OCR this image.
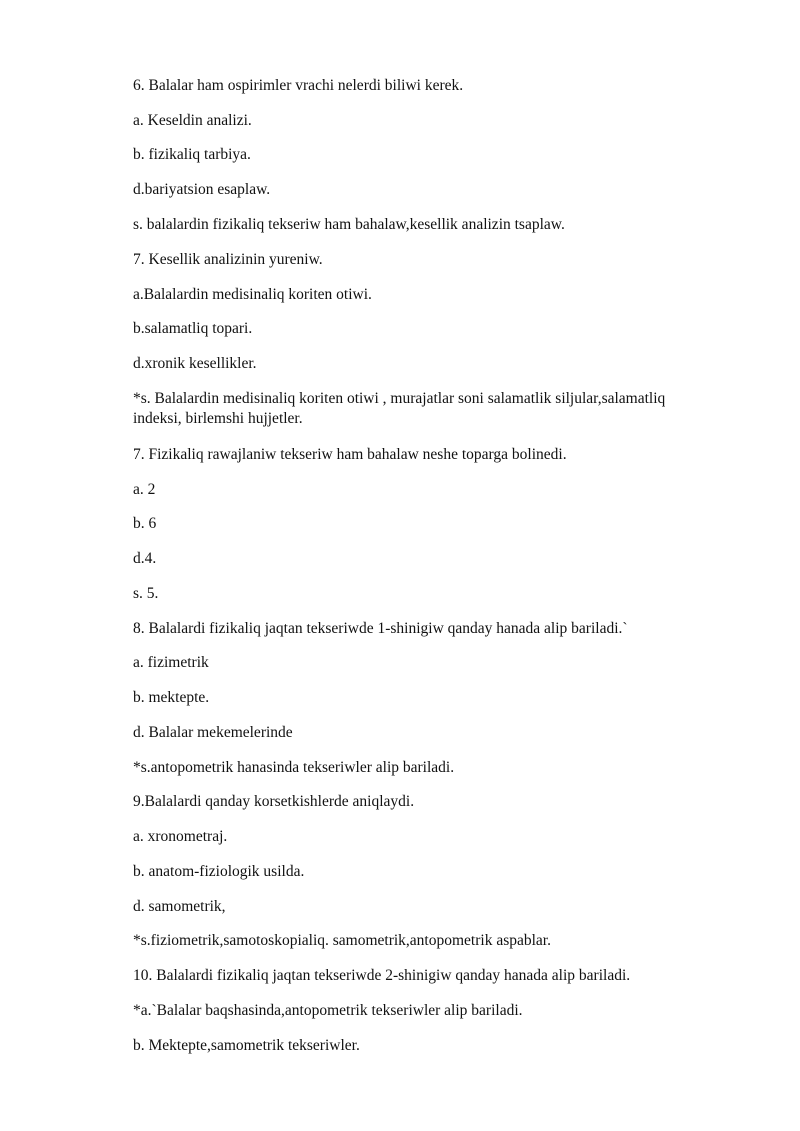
6. Balalar ham ospirimler vrachi nelerdi biliwi kerek.

a. Keseldin analizi.

b. fizikaliq tarbiya.

d.bariyatsion esaplaw.

s. balalardin fizikaliq tekseriw ham bahalaw,kesellik analizin tsaplaw.

7. Kesellik analizinin yureniw.

a.Balalardin medisinaliq koriten otiwi.

b.salamatliq topari.

d.xronik kesellikler.

*s. Balalardin medisinaliq koriten otiwi , murajatlar soni salamatlik siljular,salamatliq indeksi, birlemshi hujjetler.

7. Fizikaliq rawajlaniw tekseriw ham bahalaw neshe toparga bolinedi.

a. 2

b. 6

d.4.

s. 5.

8. Balalardi fizikaliq jaqtan tekseriwde 1-shinigiw qanday hanada alip bariladi.`

a. fizimetrik

b. mektepte.

d. Balalar mekemelerinde

*s.antopometrik hanasinda tekseriwler alip bariladi.

9.Balalardi qanday korsetkishlerde aniqlaydi.

a. xronometraj.

b. anatom-fiziologik usilda.

d. samometrik,

*s.fiziometrik,samotoskopialiq. samometrik,antopometrik aspablar.

10. Balalardi fizikaliq jaqtan tekseriwde 2-shinigiw qanday hanada alip bariladi.

*a.`Balalar baqshasinda,antopometrik tekseriwler alip bariladi.

b. Mektepte,samometrik tekseriwler.
